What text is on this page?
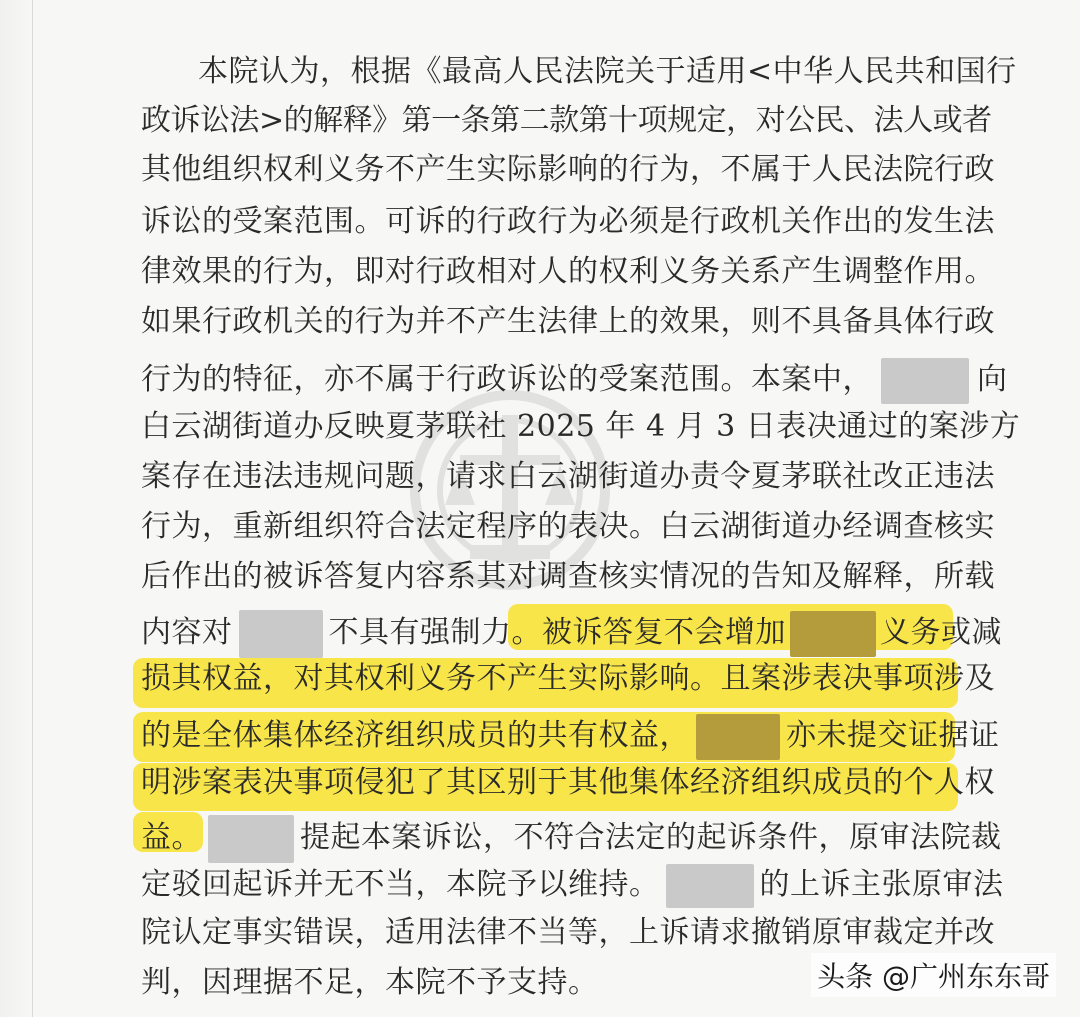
本院认为，根据《最高人民法院关于适用<中华人民共和国行
政诉讼法>的解释》第一条第二款第十项规定，对公民、法人或者
其他组织权利义务不产生实际影响的行为，不属于人民法院行政
诉讼的受案范围。可诉的行政行为必须是行政机关作出的发生法
律效果的行为，即对行政相对人的权利义务关系产生调整作用。
如果行政机关的行为并不产生法律上的效果，则不具备具体行政
行为的特征，亦不属于行政诉讼的受案范围。本案中，	向
白云湖街道办反映夏茅联社 2025 年 4 月 3 日表决通过的案涉方
案存在违法违规问题，请求白云湖街道办责令夏茅联社改正违法
行为，重新组织符合法定程序的表决。白云湖街道办经调查核实
后作出的被诉答复内容系其对调查核实情况的告知及解释，所载
内容对	不具有强制力。被诉答复不会增加	义务或减
损其权益，对其权利义务不产生实际影响。且案涉表决事项涉及
的是全体集体经济组织成员的共有权益，	亦未提交证据证
明涉案表决事项侵犯了其区别于其他集体经济组织成员的个人权
益。	提起本案诉讼，不符合法定的起诉条件，原审法院裁
定驳回起诉并无不当，本院予以维持。	的上诉主张原审法
院认定事实错误，适用法律不当等，上诉请求撤销原审裁定并改
判，因理据不足，本院不予支持。	头条 @广州东东哥
